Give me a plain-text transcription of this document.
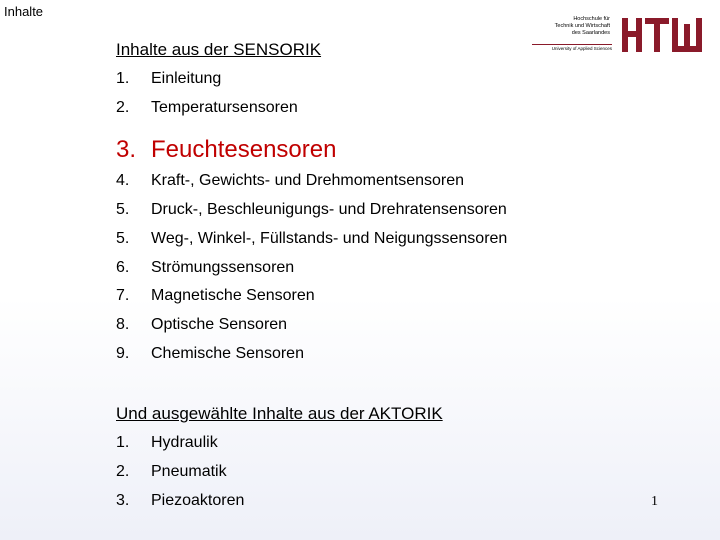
Inhalte	Hochschule für
Technik und Wirtschaft
des Saarlandes
University of Applied Sciences
Inhalte aus der SENSORIK
1. Einleitung
2. Temperatursensoren
3. Feuchtesensoren
4. Kraft-, Gewichts- und Drehmomentsensoren
5. Druck-, Beschleunigungs- und Drehratensensoren
5. Weg-, Winkel-, Füllstands- und Neigungssensoren
6. Strömungssensoren
7. Magnetische Sensoren
8. Optische Sensoren
9. Chemische Sensoren
Und ausgewählte Inhalte aus der AKTORIK
1. Hydraulik
2. Pneumatik
3. Piezoaktoren	1
